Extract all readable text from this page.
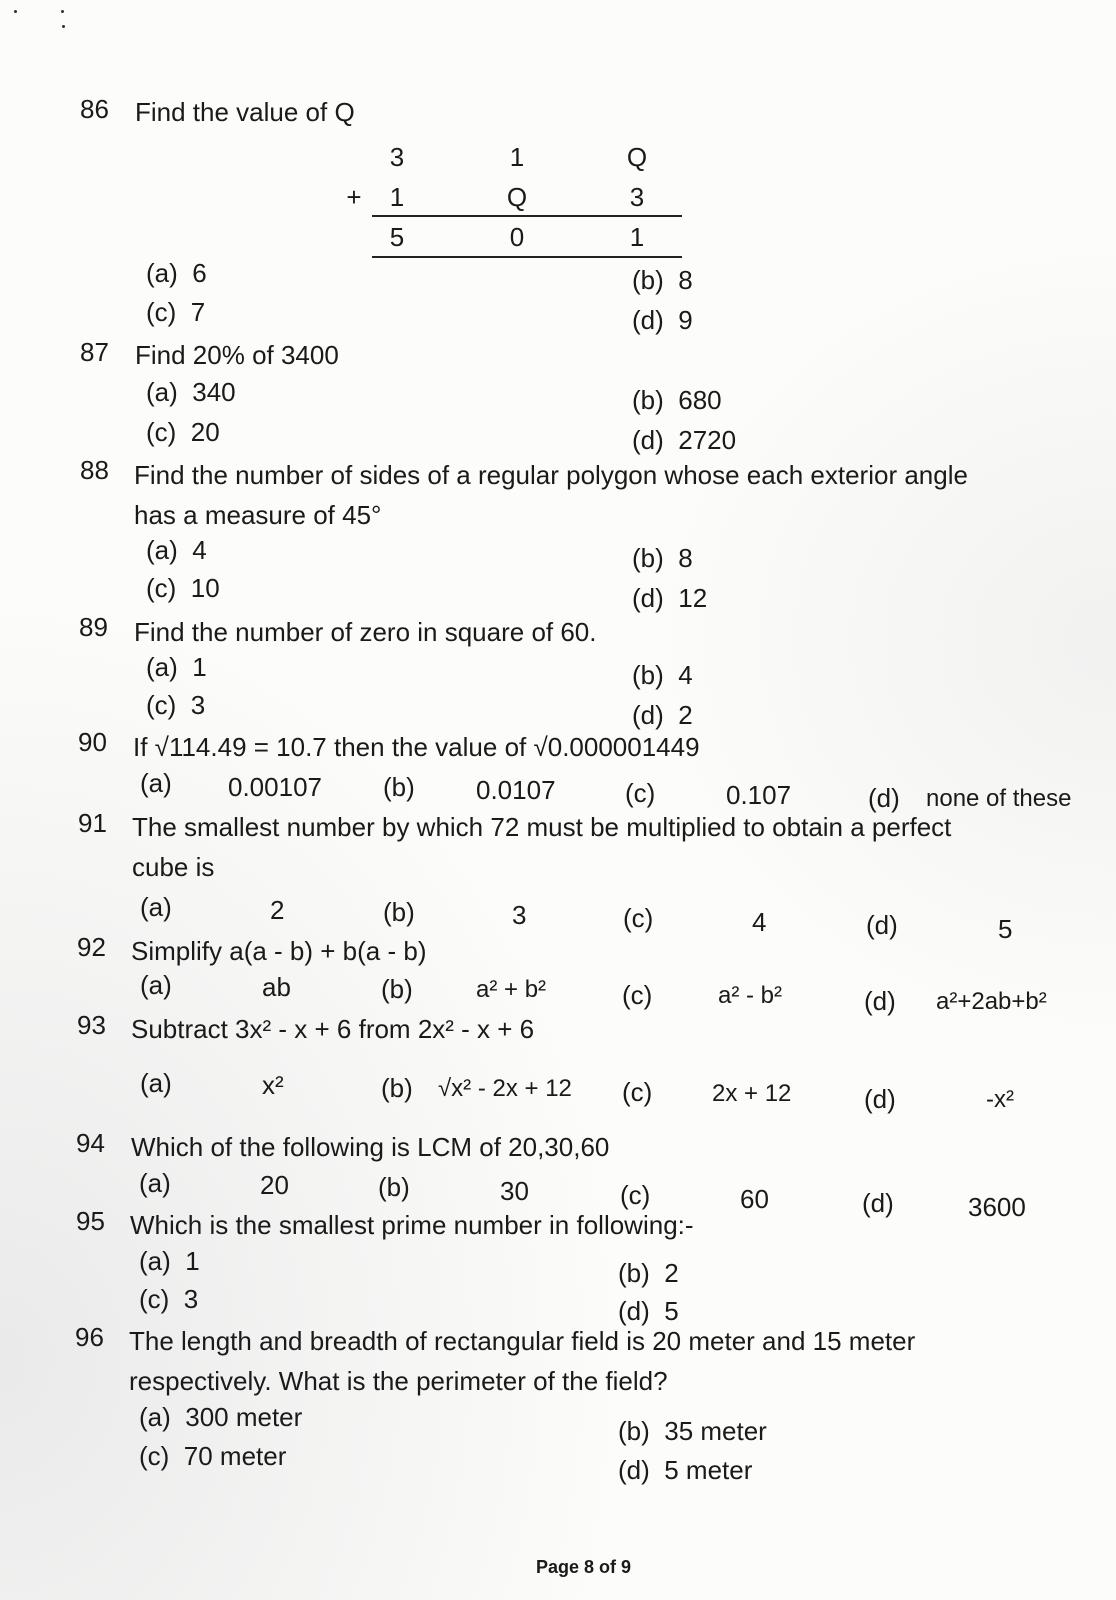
86 Find the value of Q
3	1	Q
+	1	Q	3
5	0	1
(a) 6	(b) 8
(c) 7	(d) 9
87 Find 20% of 3400
(a) 340	(b) 680
(c) 20	(d) 2720
88 Find the number of sides of a regular polygon whose each exterior angle
has a measure of 45°
(a) 4	(b) 8
(c) 10	(d) 12
89 Find the number of zero in square of 60.
(a) 1	(b) 4
(c) 3	(d) 2
90 If √114.49 = 10.7 then the value of √0.000001449
(a) 0.00107 (b) 0.0107	(c)	0.107	(d) none of these
91 The smallest number by which 72 must be multiplied to obtain a perfect
cube is
(a)	2	(b)	3	(c)	4	(d)	5
92 Simplify a(a - b) + b(a - b)
(a)	ab	(b)	a² + b²	(c)	a² - b²	(d) a²+2ab+b²
93 Subtract 3x² - x + 6 from 2x² - x + 6
(a)	x²	(b) √x² - 2x + 12 (c) 2x + 12	(d)	-x²
94 Which of the following is LCM of 20,30,60
(a)	20	(b)	30	(c)	60	(d)	3600
95 Which is the smallest prime number in following:-
(a) 1	(b) 2
(c) 3	(d) 5
96 The length and breadth of rectangular field is 20 meter and 15 meter
respectively. What is the perimeter of the field?
(a) 300 meter	(b) 35 meter
(c) 70 meter	(d) 5 meter
Page 8 of 9
